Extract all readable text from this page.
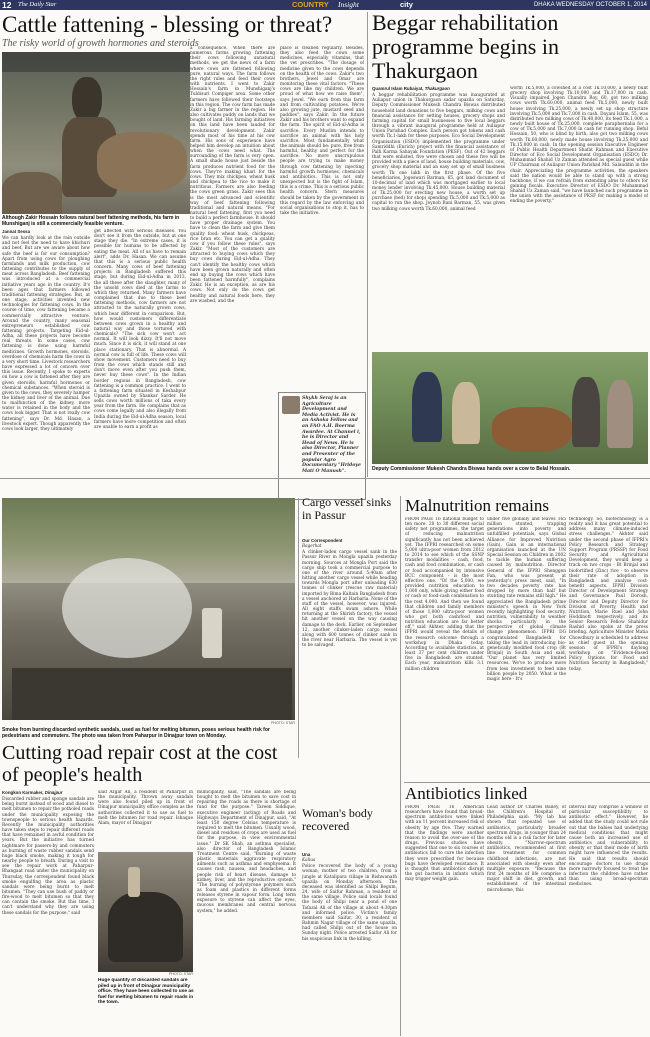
12 The Daily Star	COUNTRY Insight	city	DHAKA WEDNESDAY OCTOBER 1, 2014
Cattle fattening - blessing or threat?
The risky world of growth hormones and steroids
Although Zakir Hossain follows natural beef fattening methods, his farm in Munshiganj is still a commercially feasible venture.
Jannat Sessa

We can hardly look at the rain outside and not feel the need to have khichuri and beef. But are we aware about how safe the beef is for our consumption? Apart from using cows for ploughing farmlands and milk production, cow fattening contributes to the supply of meat across Bangladesh. Beef fattening was introduced at a commercial initiative years ago in the country. It's been ages that farmers followed traditional fattening strategies. But, at one stage, activities invented new technologies for fattening cows. In the course of time, cow fattening became a commercially attractive venture. Around the country, many seasonal entrepreneurs established cow fattening projects. Targeting Eid-ul-Adha, all these projects have become real threats. In some cases, cow fattening is done using harmful medicines. Growth hormones, steroids, overdose of chemicals harm the cows in a very short time. Livestock researchers have expressed a lot of concern over this issue. Recently, I spoke to experts on how a cow is fattened after they are given steroids, harmful hormones or chemical substances. "When steroid is given to the cows, they severely hamper the kidney and liver of the animal. Due to malfunction of the kidney, more water is retained in the body and the cows look bigger. That is not really cow fattening", says Dr. Md. Hasan, a livestock expert. Though apparently the cows look larger, they ultimately

get affected with serious diseases. You don't see it from the outside, but at one stage they die. "In extreme cases, it is possible for humans to be affected by eating the meat. All of us have to remain alert", adds Dr. Hasan. We can assume that this is a serious public health concern. Many cows of beef fattening projects in Bangladesh suffered this stage, but during Eid-ul-Adha in 2013, the all these after the slaughter, many of the unsold cows died at the farms to which they returned. Many farmers have complained that due to these beef fattening methods, cow farmers are not attracted to the naturally grown cows, which bear different in comparison. But, how would customers differentiate between cows grown in a healthy and natural way and those tortured with chemicals? "The sick cow won't act normal. It will look dizzy. It'll not move much. Since it is sick, it will stand at one place stationary. That is abnormal. A normal cow is full of life. These cows will show movement. Customers need to buy from the cows which stands still and don't move even after you push them, never buy these cows". In the Indian border regions in Bangladesh, cow fattening is a common practice. I went to a fattening farm situated in Keshabpur Upazila owned by Shankar Sarder. He sells cows worth millions of taka every year from the farm. He complains that as cows come legally and also illegally from India during the Eid-ul-Adha season, local farmers have more competition and often are unable to earn a profit as

a consequence. When there are numerous farms growing fattening their cows following unnatural methods, we get the news of a farm where cows are fattened following pure, natural ways. The farm follows the right rules and feed their cows with nutrients. I went to Zakir Hossain's farm in Munshiganj's Tuldisuri Compiger area. Some other farmers have followed their footsteps in this region. The cow farm has made Zakir a big farmer in the region. He also cultivates paddy on lands that we bought of land. His farming initiatives on this land have been lauded for revolutionary development. Zakir spends most of his time at his cow farm. His sons of experience have helped him develop an intuition about when the cows need what. The surrounding of the farm is very open. A small shade house just beside the farm produces nutrient food for the cows. They're making khari for the cows. They mix chickpea, wheat husk and chickpea to the rice to make it nutritious. Farmers are also feeding the cows green grass. Zakir sees this is the most advanced and scientific way of beef fattening following traditional and natural means. "For natural beef fattening, first you need to build a perfect farmhouse. It should have proper drainage system. You have to clean the farm and give them quality food: wheat husk, chickpeas, rice bran etc. You can get a quality cow if you follow these rules", says Zakir. "Most of the customers are attracted to buying cows which they buy cows during Eid-ul-Adha. They can't identify the healthy cows which have been grown naturally and often end up buying the cows which have been fattened harmfully", complains Zakir. He is an exception, as are his cows. Not only do the cows get healthy and natural foods here, they are washed, and the

place is cleaned regularly. Besides, they also feed the cows some medicines, especially vitamins, that the vet prescribes. "The dosage of medicine given to the cows depends on the health of the cows. Zakir's two brothers, Jewel and Omar are monitoring these vital factors. "These cows are like my children. We are proud of what how we raise them", says Jewel. "We earn from this farm and from cultivating potatoes. We're also growing jute, mustard seed and paddies", says Zakir. In the future Zakir and his brothers want to expand the farm. The spirit of Eid-ul-Adha is sacrifice. Every Muslim intends to sacrifice an animal with his holy sacrifice. Most fundamentally what the animals should be: pure, free from harmful, healthy and perfect for the sacrifice. No more unscrupulous people are trying to make money through cow fattening by injecting harmful growth hormones, chemicals and antibiotics. This is not only unexpected but is the fight of Islam, this is a crime. This is a serious public health concern. Stern measures should be taken by the government in this regard by the law enforcing and social organisations to stop it, has to take the initiative.

Shykh Seraj is an Agriculture Development and Media Activist. He is an Ashoka Fellow and an FAO A.H. Boerma Awardee. At Channel i, he is Director and Head of News. He is also Director, Planner and Presenter of the popular Agro Documentary "Hridoye Mati O Manush".
Beggar rehabilitation programme begins in Thakurgaon
Quamrul Islam Rubaiyat, Thakurgaon

A beggar rehabilitation programme was inaugurated at Auliapur union in Thakurgaon sadar upazila on Saturday. Deputy Commissioner Mukesh Chandra Biswas distributed household land donations to five beggars, milking cows and financial assistance for setting houses, grocery shops and farming capital for small businesses to five local beggars through a vibrant inaugural programme held at Auliapur Union Parishad Complex. Each person got tokens and cash worth Tk.1-lakh for these purposes. Eco Social Development Organisation (ESDO) implemented the programme under Samriddhi (Enrich) project with the financial assistance of Palli Karma Sahayak Foundation (PKSF). Out of 42 beggars that were enlisted, five were chosen and these five will be provided with a piece of land, house building materials, cow, grocery shop material and an easy set up of small business worth Tk one lakh in the first phase. Of the five beneficiaries, Jogeswari Barman, 65, got land document of 10-decimal of land which was mortgaged earlier to local money lender involving Tk.45,000. House building material of Tk.25,000 for erecting new house, a worth set up purchase (bed) for shop) spending Tk.5,000 and Tk.5,000 as capital to run the shop. Joynob Bani Barman, 55, was given two milking cows worth Tk.60,000, animal feed

worth Tk.5,000, a cowshed at a cost Tk.10,000, a newly built grocery shop involving Tk.10,000 and Tk.17,000 in cash. Visually impaired Jogen Chandra Roy, 60, got two milking cows worth Tk.60,000, animal feed Tk.5,000, newly built house involving Tk.25,000, a newly set up shop structure involving Tk.5,000 and Tk.7,000 in cash. Dayani Islam, 55, was distributed two milking cows of Tk.40,000, its feed Tk.1,000, a newly built house of Tk.25,000, complete paraphernalia for a cow of Tk.5,000 and Tk.7,000 in cash for running shop. Beful Hossain, 50, who is blind by birth, also got two milking cows worth Tk.60,000, newly made house involving Tk.25,000 and Tk.15,000 in cash. In the opening session Executive Engineer of Public Health Department Shafat Rahman and Executive Director of Eco Social Development Organisation (ESDO) Dr. Muhammad Shahid Uz Zaman attended as special guest while UP Chairman of Auliapur Union Parishad Md. Salauddin in the chair. Appreciating the programme activities, the speakers said the nation would be able to stand up with a strong backbone, if we can refrain from extending alms to others for gaining fiscals. Executive Director of ESDO Dr. Muhammad Shahid Uz Zaman said, "we have launched such programme in the union with the assistance of PKSF for making a model of ending the poverty."

Deputy Commissioner Mukesh Chandra Biswas hands over a cow to Belal Hossain.
PHOTO: STAR
Smoke from burning discarded synthetic sandals, used as fuel for melting bitumen, poses serious health risk for pedestrians and commuters. The photo was taken from Paharpur in Dinajpur town on Monday.
Cargo vessel sinks in Passur
Our Correspondent
Bagerhat

A clinker-laden cargo vessel sank in the Passur River in Mongla upazila yesterday morning. Sources at Mongla Port said the cargo ship took a commercial purpose to one of the river around 5:40am after hitting another cargo vessel while heading towards Mongla port after unloading 630 tonnes of clinker (rescue raw material) imported by Bima Kaltain Bangladesh from a vessel anchored at Harbaria. None of the staff of the vessel, however, was injured. All eight staffs swam ashore. While returning at the Shirish factory, the vessel hit another vessel on the way causing damage to the deck. Earlier, on September 12, another clinker-laden cargo vessel along with 600 tonnes of clinker sank in the river near Harbaria. The vessel is yet to be salvaged.

Woman's body recovered
Una
Kaliua

Police recovered the body of a young woman, mother of two children, from a jungle at Katalipara village in Bishwanath upazila on Monday afternoon. The deceased was identified as Shilpi Begum, 24, wife of Saifur Rahman, a resident of the same village. Police said locals found the body of Shilpi near a pond of one Tafazal Ali of the village at about 4:30pm and informed police. Victim's family members said Saifur, 30, a resident of Bahmin Nagar village of the same upazila, had called Shilpi out of the house on Sunday night. Police arrested Saifur Ali for his suspicious link in the killing.

Malnutrition remains

FROM PAGE 16 national budget to ten more. 20 to 30 different social safety net programmes, the target of reducing malnutrition significantly has not been achieved yet. The IFPRI researched on some 5,000 ultra-poor women from 2012 to 2014 to see which of the SSNP transfer modalities - cash, food, cash and food combination, or cash or food accompanied by intensive BCC component - is the most effective one. "Of the 5,000, we provided nutrition education to 1,000 only, while giving either food or cash or food-cash combination to the rest 4,000. And then we found that children and family members of those 1,000 ultra-poor women who got both cash/food and nutrition education are far better off," said Akhter, adding that the IFPRI would reveal the details of the research outcome through a workshop in Dhaka today. According to available statistics, at least 37 per cent children under five in Bangladesh are stunted. Each year, malnutrition kills 3.1 million children

under five globally and leaves 165 million stunted, trapping generations into poverty and unfulfilled potentials, says Global Alliance for Improved Nutrition (Gain). Gain is an international organisation launched at the UN Special Session on Children in 2002 to tackle the human suffering caused by malnutrition. Director General of the IFPRI Shenggen Fan, who was present at yesterday's press meet, said, "In two decades poverty rate has dropped by more than half but stunting rate remains still high." He appreciated the Bangladesh prime minister's speech in New York recently highlighting food security, nutrition, vulnerability to weather shocks particularly in the perspective of global climate change phenomenon. IFPRI DG congratulated Bangladesh for taking the lead in introducing bio-genetically modified food crop (Bt Brinjal) in South Asia and said, "Our planet has very limited resources. We've to produce more from less investment to feed nine billion people by 2050. What is the magic here - It's

technology. So, biotechnology is a reality and it has great potential to address many climate-induced stress challenges." Akhter said under the second phase of IFPRI's Policy Research and Strategy Support Program (PRSSP) for Food Security and Agricultural Development, they would keep a track on two crops - Bt Brinjal and biofortified (Zinc) rice - to observe their rate of adoption in Bangladesh and analyse cost-benefit aspects. IFPRI Division Director of Development Strategy and Governance Paul Dorosh, Director and Deputy Director for Division of Poverty, Health and Nutrition, Marie Ruel and John Hoddinott respectively, and its Senior Research Fellow Shahidur Rashid also spoke at the press briefing. Agriculture Minister Matia Chowdhury is scheduled to address as chief guest at the opening session of IFPRI's daylong workshop on "Evidence-Based Policy Options for Food and Nutrition Security in Bangladesh," today.

Antibiotics linked

FROM PAGE 16 American researchers have found that broad-spectrum antibiotics were linked with an 11 percent increased risk of obesity by age five. They warned that the findings were another reason to avoid the over-use of the drugs. Previous studies have suggested that one to six courses of antibiotics fall to cure the infection they were prescribed for because bugs have developed resistance. It is thought that antibiotics disrupt the gut bacteria in infants which may trigger weight gain.

Lead author Dr Charles Bailey, of the Children's Hospital of Philadelphia said: "My lab has shown that repeated use of antibiotics, particularly broader spectrum drugs, in younger than 24 months old is a risk factor for later obesity. "Narrow-spectrum antibiotics, recommended at first line treatment for common childhood infections, are not associated with obesity even after multiple exposure. "Because the first 24 months of life comprise a major shift in diet, growth, and establishment of the intestinal microbiome, this

interval may comprise a window of particular susceptibility to antibiotic effect." However, he added that the study could not rule out that the babies had underlying medical conditions that might cause both an increased use of antibiotics and vulnerability to obesity or that their mode of birth might have influenced the results. He said that results should encourage doctors to use drugs more narrowly focused to treat the infection the children have rather than using broad-spectrum medicines.

Cutting road repair cost at the cost of people's health
Kongkon Karmaker, Dinajpur

Discarded rubber and sponge sandals are being burnt instead of wood and diesel to melt bitumen to repair the potholed roads under the municipality exposing the townspeople to serious health hazards. Recently the municipality authorities have taken steps to repair different roads that have remained in awful condition for years. But the initiative has turned nightmare for passers-by and commuters as burning of waste rubber sandals send huge black smoke, making it tough for nearby people to breath. During a visit to see the repair work at Paharpur-Bhangaat road under the municipality on Thursday, the correspondent found black smoke engulfing the area as plastic sandals were being burnt to melt bitumen. "They can use bush of paddy or fire-wood to melt bitumen so that they can contain the smoke. But this time, I can't understand why they are using these sandals for the purpose," said

said Azgar Ali, a resident of Paharpur in the municipality. Thrown away sandals were also found piled up in front of Dinajpur municipality office complex as the authorities collected it to use as fuel to melt the bitumen for road repair. Ishaque Alam, mayor of Dinajpur

PHOTO: STAR
Huge quantity of discarded sandals are piled up in front of Dinajpur municipality office. They have been collected to use as fuel for melting bitumen to repair roads in the town.

municipality, said, "The sandals are being bought to melt the bitumen to save cost in repairing the roads as there is shortage of fund for the purpose." Tareen Siddique, executive engineer (acting) of Roads and Highways Department of Dinajpur, said, "At least 150 degree Celsius temperature is required to melt the bitumen. Usually wood, diesel and residues of crops are used as fuel for the purpose, in view environmental issue." Dr SK Shah, an asthma specialist, also director of Bangladesh Islamic Treatment Centre said, "Burning of waste plastic materials aggravate respiratory ailments such as asthma and emphysema. It causes rash, nausea, and headaches, and people risk of heart disease, damage to kidney, liver, and the reproductive system." "The burning of polystyrene polymers such as foam and plastics in different forms releases styrene in vapour form. Long term exposure to styrene can affect the eyes, mucous membranes and central nervous system," he added.
